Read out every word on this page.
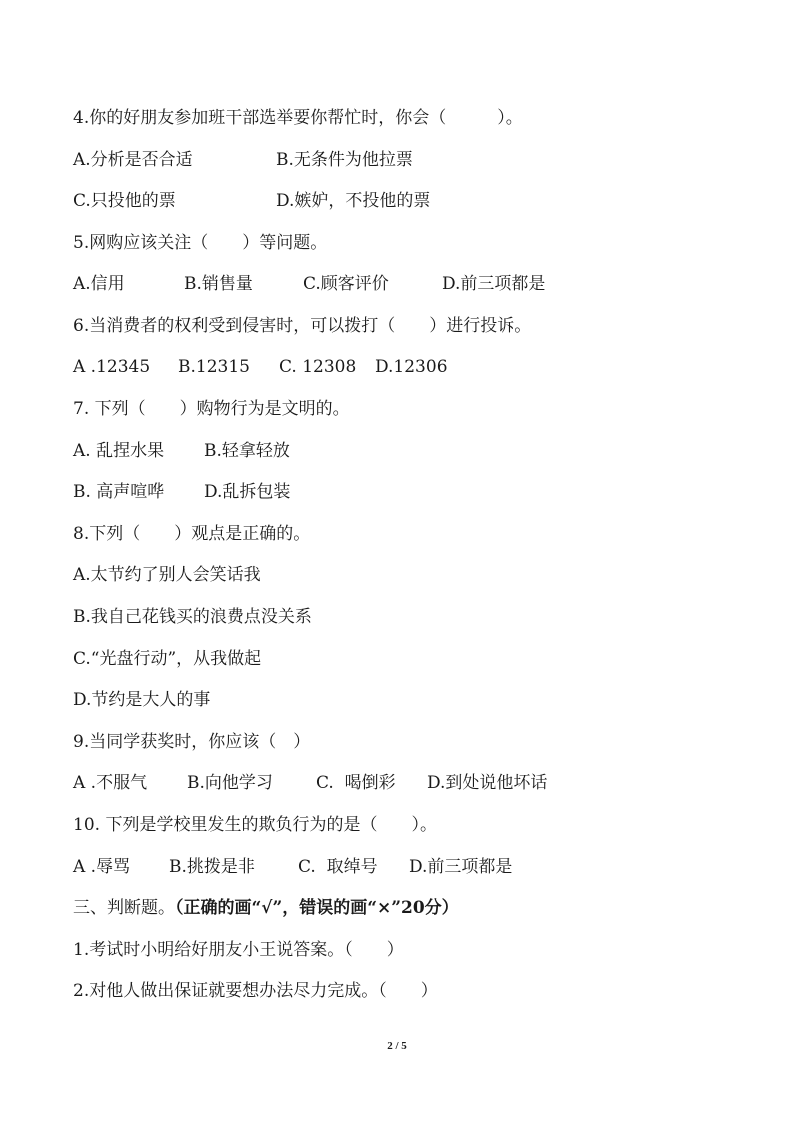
4.你的好朋友参加班干部选举要你帮忙时，你会（　　　）。
A.分析是否合适	B.无条件为他拉票
C.只投他的票	D.嫉妒，不投他的票
5.网购应该关注（　　）等问题。
A.信用	B.销售量	C.顾客评价	D.前三项都是
6.当消费者的权利受到侵害时，可以拨打（　　）进行投诉。
A .12345 B.12315 C. 12308 D.12306
7. 下列（　　）购物行为是文明的。
A. 乱捏水果 B.轻拿轻放
B. 高声喧哗 D.乱拆包装
8.下列（　　）观点是正确的。
A.太节约了别人会笑话我
B.我自己花钱买的浪费点没关系
C.“光盘行动”，从我做起
D.节约是大人的事
9.当同学获奖时，你应该（　）
A .不服气 B.向他学习	C.  喝倒彩 D.到处说他坏话
10. 下列是学校里发生的欺负行为的是（　　）。
A .辱骂 B.挑拨是非	C.  取绰号 D.前三项都是
三、判断题。（正确的画“√”，错误的画“×”20分）
1.考试时小明给好朋友小王说答案。（　　）
2.对他人做出保证就要想办法尽力完成。（　　）
2 / 5
